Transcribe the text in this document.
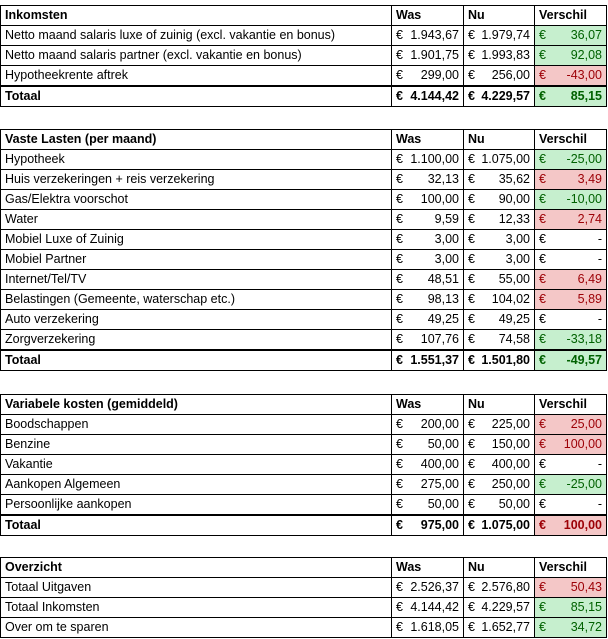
Inkomsten	Was	Nu	Verschil
Netto maand salaris luxe of zuinig (excl. vakantie en bonus)	€ 1.943,67	€ 1.979,74	€ 36,07

Netto maand salaris partner (excl. vakantie en bonus)	€ 1.901,75	€ 1.993,83	€ 92,08

Hypotheekrente aftrek	€ 299,00	€ 256,00	€ -43,00

Totaal	€ 4.144,42	€ 4.229,57	€ 85,15
Vaste Lasten (per maand)	Was	Nu	Verschil
Hypotheek	€ 1.100,00	€ 1.075,00	€ -25,00

Huis verzekeringen + reis verzekering	€ 32,13	€ 35,62	€ 3,49

Gas/Elektra voorschot	€ 100,00	€ 90,00	€ -10,00

Water	€ 9,59	€ 12,33	€ 2,74

Mobiel Luxe of Zuinig	€ 3,00	€ 3,00	€ -

Mobiel Partner	€ 3,00	€ 3,00	€ -

Internet/Tel/TV	€ 48,51	€ 55,00	€ 6,49

Belastingen (Gemeente, waterschap etc.)	€ 98,13	€ 104,02	€ 5,89

Auto verzekering	€ 49,25	€ 49,25	€ -

Zorgverzekering	€ 107,76	€ 74,58	€ -33,18

Totaal	€ 1.551,37	€ 1.501,80	€ -49,57
Variabele kosten (gemiddeld)	Was	Nu	Verschil
Boodschappen	€ 200,00	€ 225,00	€ 25,00

Benzine	€ 50,00	€ 150,00	€ 100,00

Vakantie	€ 400,00	€ 400,00	€ -

Aankopen Algemeen	€ 275,00	€ 250,00	€ -25,00

Persoonlijke aankopen	€ 50,00	€ 50,00	€ -

Totaal	€ 975,00	€ 1.075,00	€ 100,00
Overzicht	Was	Nu	Verschil
Totaal Uitgaven	€ 2.526,37	€ 2.576,80	€ 50,43

Totaal Inkomsten	€ 4.144,42	€ 4.229,57	€ 85,15

Over om te sparen	€ 1.618,05	€ 1.652,77	€ 34,72
